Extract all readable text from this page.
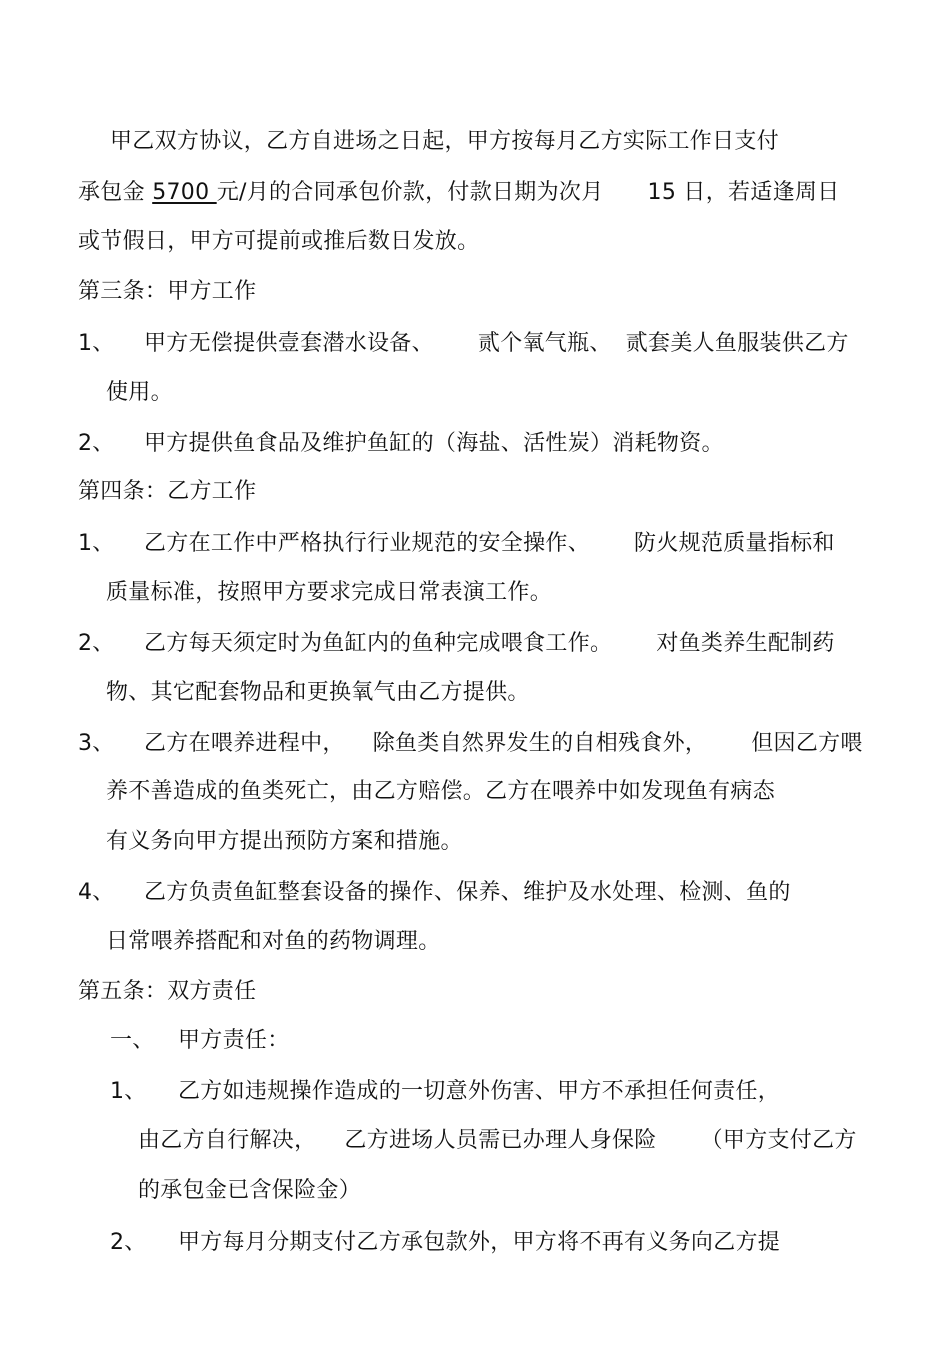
甲乙双方协议，乙方自进场之日起，甲方按每月乙方实际工作日支付
承包金 5700 元/月的合同承包价款，付款日期为次月 15 日，若适逢周日
或节假日，甲方可提前或推后数日发放。
第三条：甲方工作
1、 甲方无偿提供壹套潜水设备、 贰个氧气瓶、 贰套美人鱼服装供乙方
使用。
2、 甲方提供鱼食品及维护鱼缸的（海盐、活性炭）消耗物资。
第四条：乙方工作
1、 乙方在工作中严格执行行业规范的安全操作、 防火规范质量指标和
质量标准，按照甲方要求完成日常表演工作。
2、 乙方每天须定时为鱼缸内的鱼种完成喂食工作。 对鱼类养生配制药
物、其它配套物品和更换氧气由乙方提供。
3、 乙方在喂养进程中， 除鱼类自然界发生的自相残食外， 但因乙方喂
养不善造成的鱼类死亡，由乙方赔偿。乙方在喂养中如发现鱼有病态
有义务向甲方提出预防方案和措施。
4、 乙方负责鱼缸整套设备的操作、保养、维护及水处理、检测、鱼的
日常喂养搭配和对鱼的药物调理。
第五条：双方责任
一、 甲方责任：
1、 乙方如违规操作造成的一切意外伤害、甲方不承担任何责任，
由乙方自行解决， 乙方进场人员需已办理人身保险 （甲方支付乙方
的承包金已含保险金）
2、 甲方每月分期支付乙方承包款外，甲方将不再有义务向乙方提
